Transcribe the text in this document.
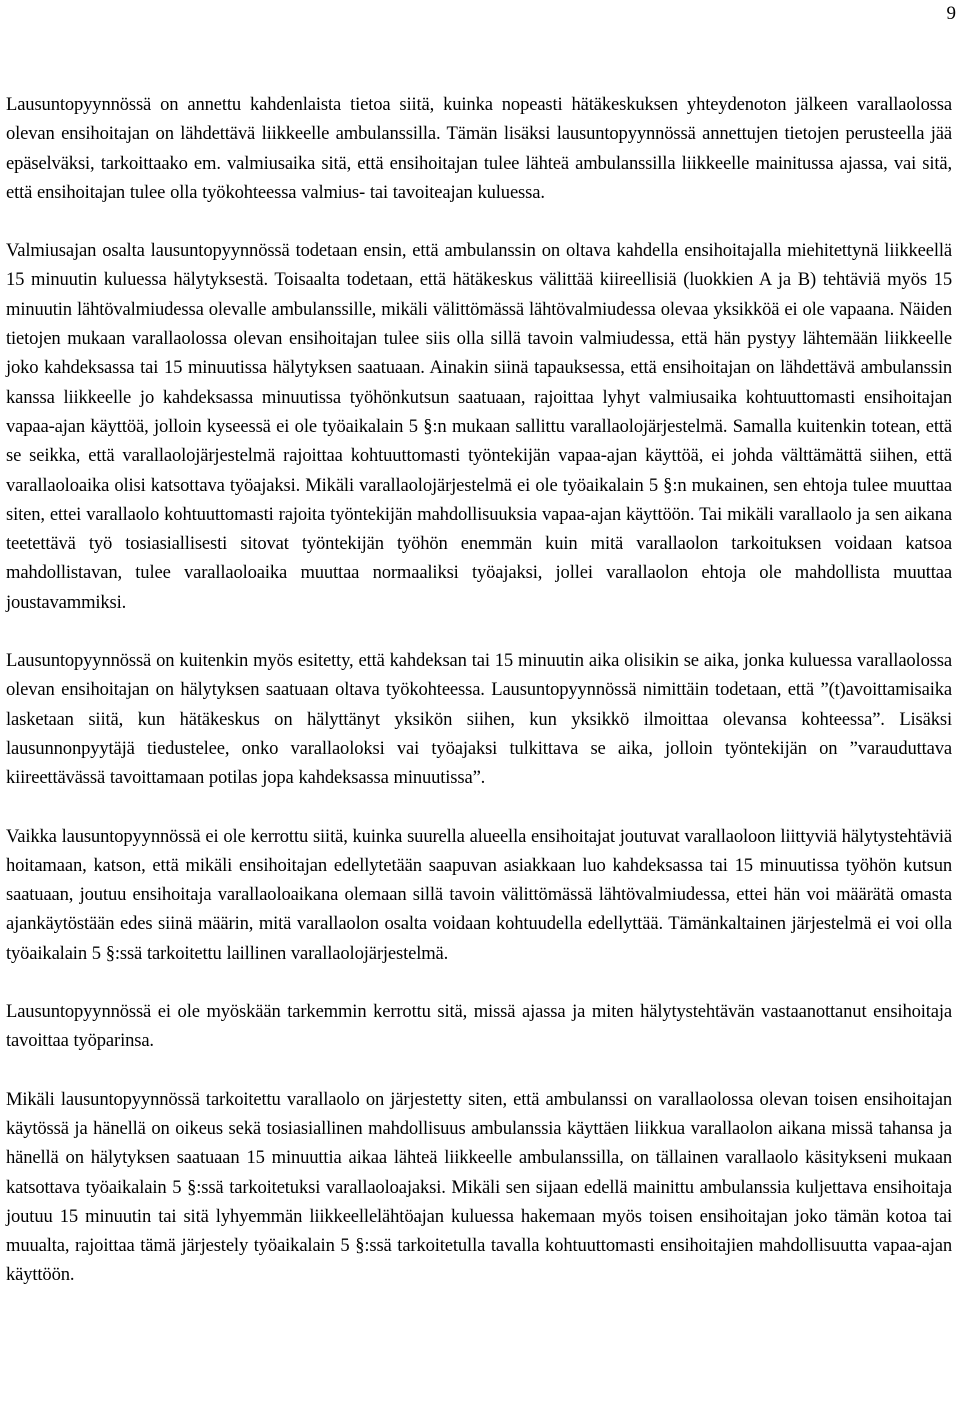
9

Lausuntopyynnössä on annettu kahdenlaista tietoa siitä, kuinka nopeasti hätäkeskuksen yhteydenoton jälkeen varallaolossa olevan ensihoitajan on lähdettävä liikkeelle ambulanssilla. Tämän lisäksi lausuntopyynnössä annettujen tietojen perusteella jää epäselväksi, tarkoittaako em. valmiusaika sitä, että ensihoitajan tulee lähteä ambulanssilla liikkeelle mainitussa ajassa, vai sitä, että ensihoitajan tulee olla työkohteessa valmius- tai tavoiteajan kuluessa.

Valmiusajan osalta lausuntopyynnössä todetaan ensin, että ambulanssin on oltava kahdella ensihoitajalla miehitettynä liikkeellä 15 minuutin kuluessa hälytyksestä. Toisaalta todetaan, että hätäkeskus välittää kiireellisiä (luokkien A ja B) tehtäviä myös 15 minuutin lähtövalmiudessa olevalle ambulanssille, mikäli välittömässä lähtövalmiudessa olevaa yksikköä ei ole vapaana. Näiden tietojen mukaan varallaolossa olevan ensihoitajan tulee siis olla sillä tavoin valmiudessa, että hän pystyy lähtemään liikkeelle joko kahdeksassa tai 15 minuutissa hälytyksen saatuaan. Ainakin siinä tapauksessa, että ensihoitajan on lähdettävä ambulanssin kanssa liikkeelle jo kahdeksassa minuutissa työhönkutsun saatuaan, rajoittaa lyhyt valmiusaika kohtuuttomasti ensihoitajan vapaa-ajan käyttöä, jolloin kyseessä ei ole työaikalain 5 §:n mukaan sallittu varallaolojärjestelmä. Samalla kuitenkin totean, että se seikka, että varallaolojärjestelmä rajoittaa kohtuuttomasti työntekijän vapaa-ajan käyttöä, ei johda välttämättä siihen, että varallaoloaika olisi katsottava työajaksi. Mikäli varallaolojärjestelmä ei ole työaikalain 5 §:n mukainen, sen ehtoja tulee muuttaa siten, ettei varallaolo kohtuuttomasti rajoita työntekijän mahdollisuuksia vapaa-ajan käyttöön. Tai mikäli varallaolo ja sen aikana teetettävä työ tosiasiallisesti sitovat työntekijän työhön enemmän kuin mitä varallaolon tarkoituksen voidaan katsoa mahdollistavan, tulee varallaoloaika muuttaa normaaliksi työajaksi, jollei varallaolon ehtoja ole mahdollista muuttaa joustavammiksi.

Lausuntopyynnössä on kuitenkin myös esitetty, että kahdeksan tai 15 minuutin aika olisikin se aika, jonka kuluessa varallaolossa olevan ensihoitajan on hälytyksen saatuaan oltava työkohteessa. Lausuntopyynnössä nimittäin todetaan, että ”(t)avoittamisaika lasketaan siitä, kun hätäkeskus on hälyttänyt yksikön siihen, kun yksikkö ilmoittaa olevansa kohteessa”. Lisäksi lausunnonpyytäjä tiedustelee, onko varallaoloksi vai työajaksi tulkittava se aika, jolloin työntekijän on ”varauduttava kiireettävässä tavoittamaan potilas jopa kahdeksassa minuutissa”.

Vaikka lausuntopyynnössä ei ole kerrottu siitä, kuinka suurella alueella ensihoitajat joutuvat varallaoloon liittyviä hälytystehtäviä hoitamaan, katson, että mikäli ensihoitajan edellytetään saapuvan asiakkaan luo kahdeksassa tai 15 minuutissa työhön kutsun saatuaan, joutuu ensihoitaja varallaoloaikana olemaan sillä tavoin välittömässä lähtövalmiudessa, ettei hän voi määrätä omasta ajankäytöstään edes siinä määrin, mitä varallaolon osalta voidaan kohtuudella edellyttää. Tämänkaltainen järjestelmä ei voi olla työaikalain 5 §:ssä tarkoitettu laillinen varallaolojärjestelmä.

Lausuntopyynnössä ei ole myöskään tarkemmin kerrottu sitä, missä ajassa ja miten hälytystehtävän vastaanottanut ensihoitaja tavoittaa työparinsa.

Mikäli lausuntopyynnössä tarkoitettu varallaolo on järjestetty siten, että ambulanssi on varallaolossa olevan toisen ensihoitajan käytössä ja hänellä on oikeus sekä tosiasiallinen mahdollisuus ambulanssia käyttäen liikkua varallaolon aikana missä tahansa ja hänellä on hälytyksen saatuaan 15 minuuttia aikaa lähteä liikkeelle ambulanssilla, on tällainen varallaolo käsitykseni mukaan katsottava työaikalain 5 §:ssä tarkoitetuksi varallaoloajaksi. Mikäli sen sijaan edellä mainittu ambulanssia kuljettava ensihoitaja joutuu 15 minuutin tai sitä lyhyemmän liikkeellelähtöajan kuluessa hakemaan myös toisen ensihoitajan joko tämän kotoa tai muualta, rajoittaa tämä järjestely työaikalain 5 §:ssä tarkoitetulla tavalla kohtuuttomasti ensihoitajien mahdollisuutta vapaa-ajan käyttöön.
